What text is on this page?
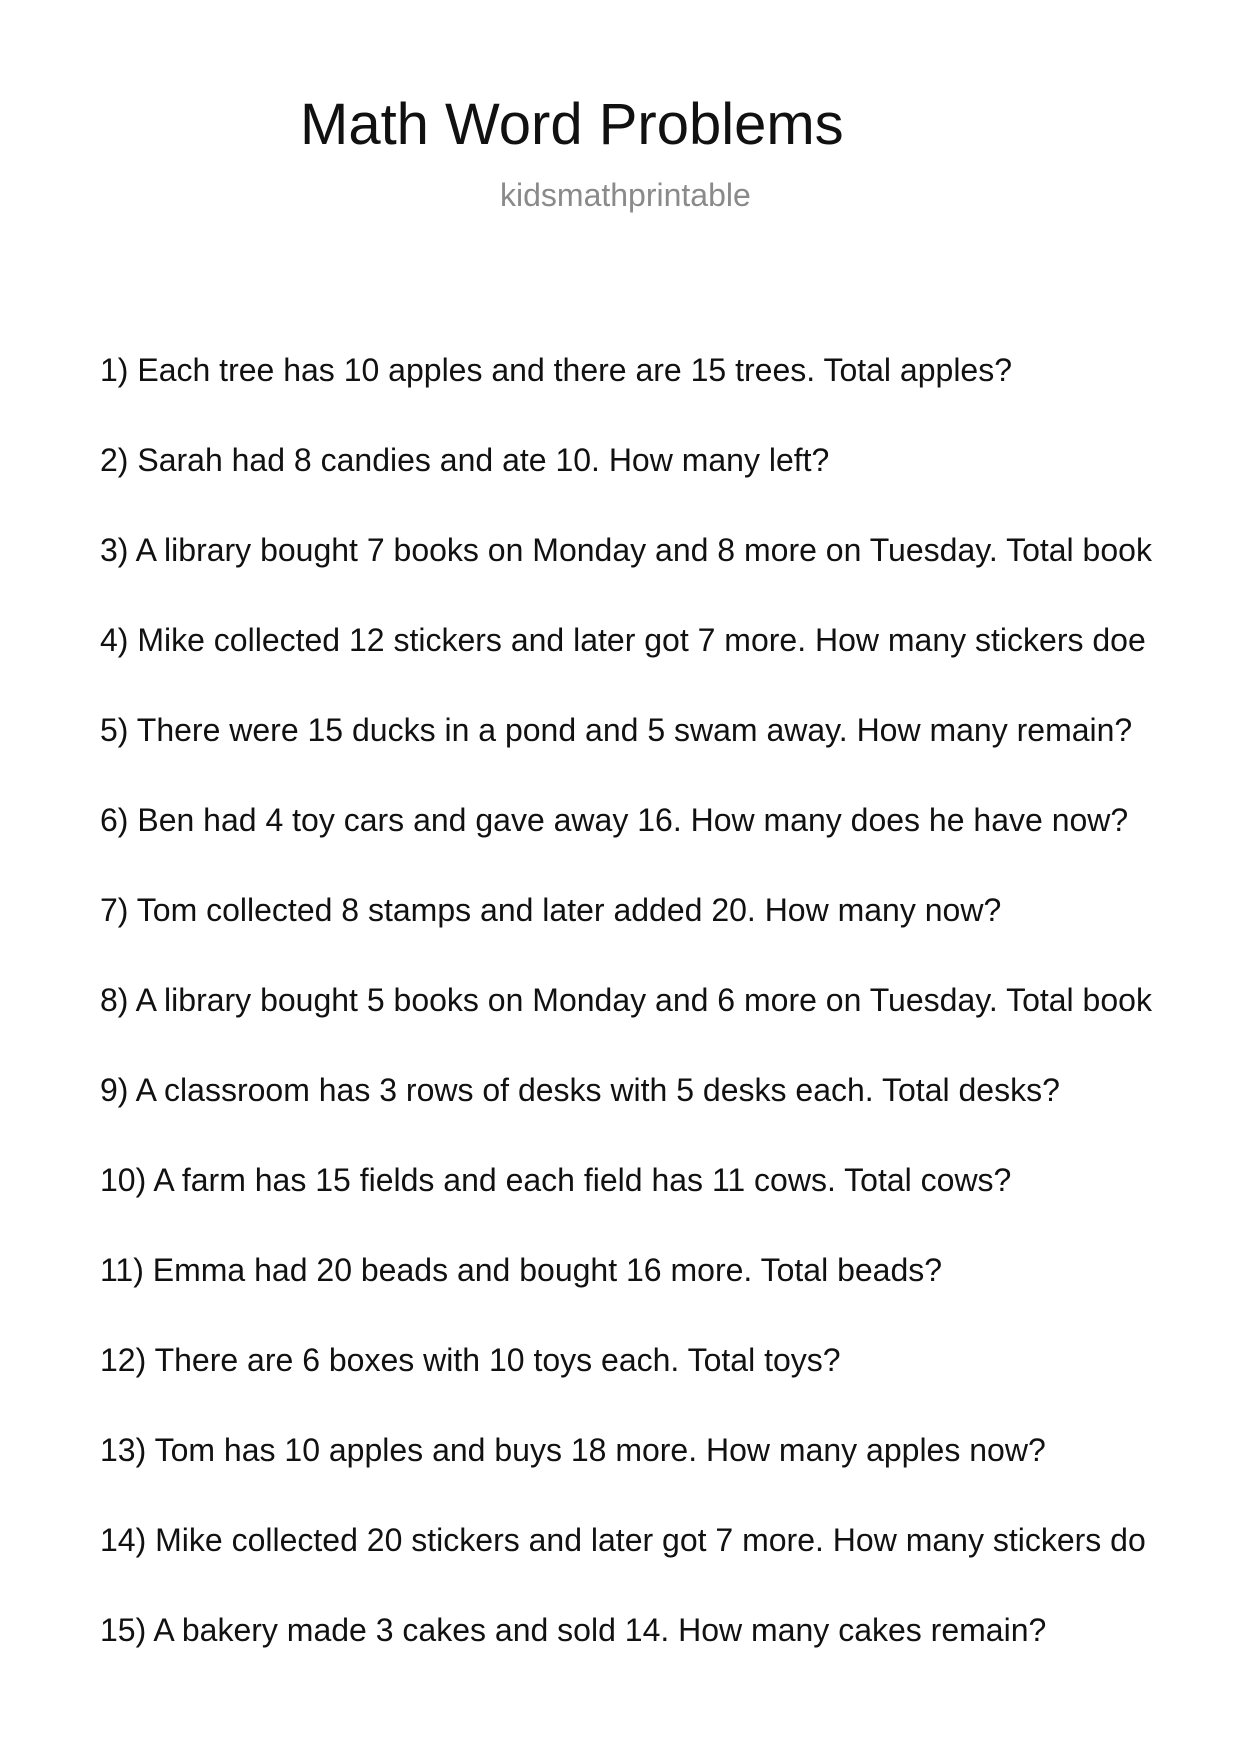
Math Word Problems
kidsmathprintable
1) Each tree has 10 apples and there are 15 trees. Total apples?
2) Sarah had 8 candies and ate 10. How many left?
3) A library bought 7 books on Monday and 8 more on Tuesday. Total book
4) Mike collected 12 stickers and later got 7 more. How many stickers doe
5) There were 15 ducks in a pond and 5 swam away. How many remain?
6) Ben had 4 toy cars and gave away 16. How many does he have now?
7) Tom collected 8 stamps and later added 20. How many now?
8) A library bought 5 books on Monday and 6 more on Tuesday. Total book
9) A classroom has 3 rows of desks with 5 desks each. Total desks?
10) A farm has 15 fields and each field has 11 cows. Total cows?
11) Emma had 20 beads and bought 16 more. Total beads?
12) There are 6 boxes with 10 toys each. Total toys?
13) Tom has 10 apples and buys 18 more. How many apples now?
14) Mike collected 20 stickers and later got 7 more. How many stickers do
15) A bakery made 3 cakes and sold 14. How many cakes remain?
